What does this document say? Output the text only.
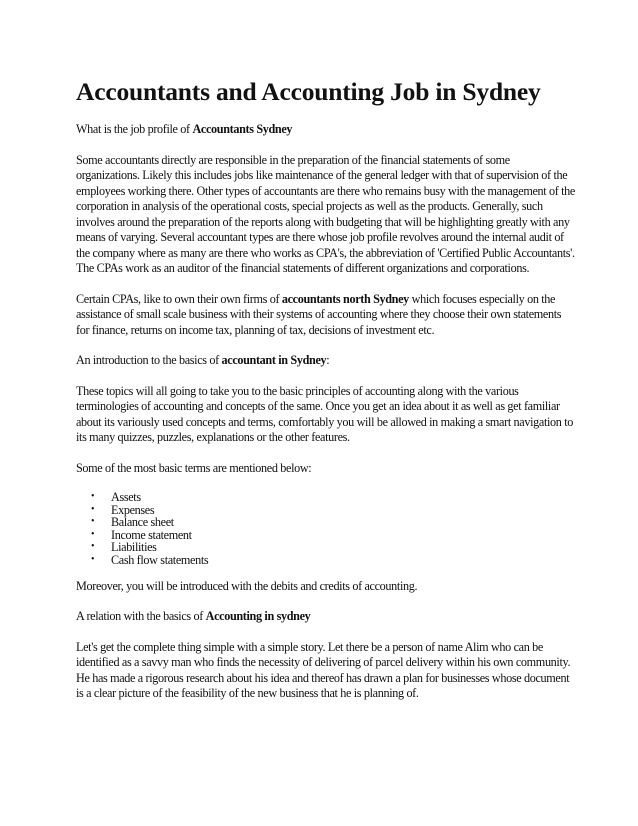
Accountants and Accounting Job in Sydney

What is the job profile of Accountants Sydney

Some accountants directly are responsible in the preparation of the financial statements of some organizations. Likely this includes jobs like maintenance of the general ledger with that of supervision of the employees working there. Other types of accountants are there who remains busy with the management of the corporation in analysis of the operational costs, special projects as well as the products. Generally, such involves around the preparation of the reports along with budgeting that will be highlighting greatly with any means of varying. Several accountant types are there whose job profile revolves around the internal audit of the company where as many are there who works as CPA's, the abbreviation of 'Certified Public Accountants'. The CPAs work as an auditor of the financial statements of different organizations and corporations.

Certain CPAs, like to own their own firms of accountants north Sydney which focuses especially on the assistance of small scale business with their systems of accounting where they choose their own statements for finance, returns on income tax, planning of tax, decisions of investment etc.

An introduction to the basics of accountant in Sydney:

These topics will all going to take you to the basic principles of accounting along with the various terminologies of accounting and concepts of the same. Once you get an idea about it as well as get familiar about its variously used concepts and terms, comfortably you will be allowed in making a smart navigation to its many quizzes, puzzles, explanations or the other features.

Some of the most basic terms are mentioned below:

• Assets
• Expenses
• Balance sheet
• Income statement
• Liabilities
• Cash flow statements

Moreover, you will be introduced with the debits and credits of accounting.

A relation with the basics of Accounting in sydney

Let's get the complete thing simple with a simple story. Let there be a person of name Alim who can be identified as a savvy man who finds the necessity of delivering of parcel delivery within his own community. He has made a rigorous research about his idea and thereof has drawn a plan for businesses whose document is a clear picture of the feasibility of the new business that he is planning of.
